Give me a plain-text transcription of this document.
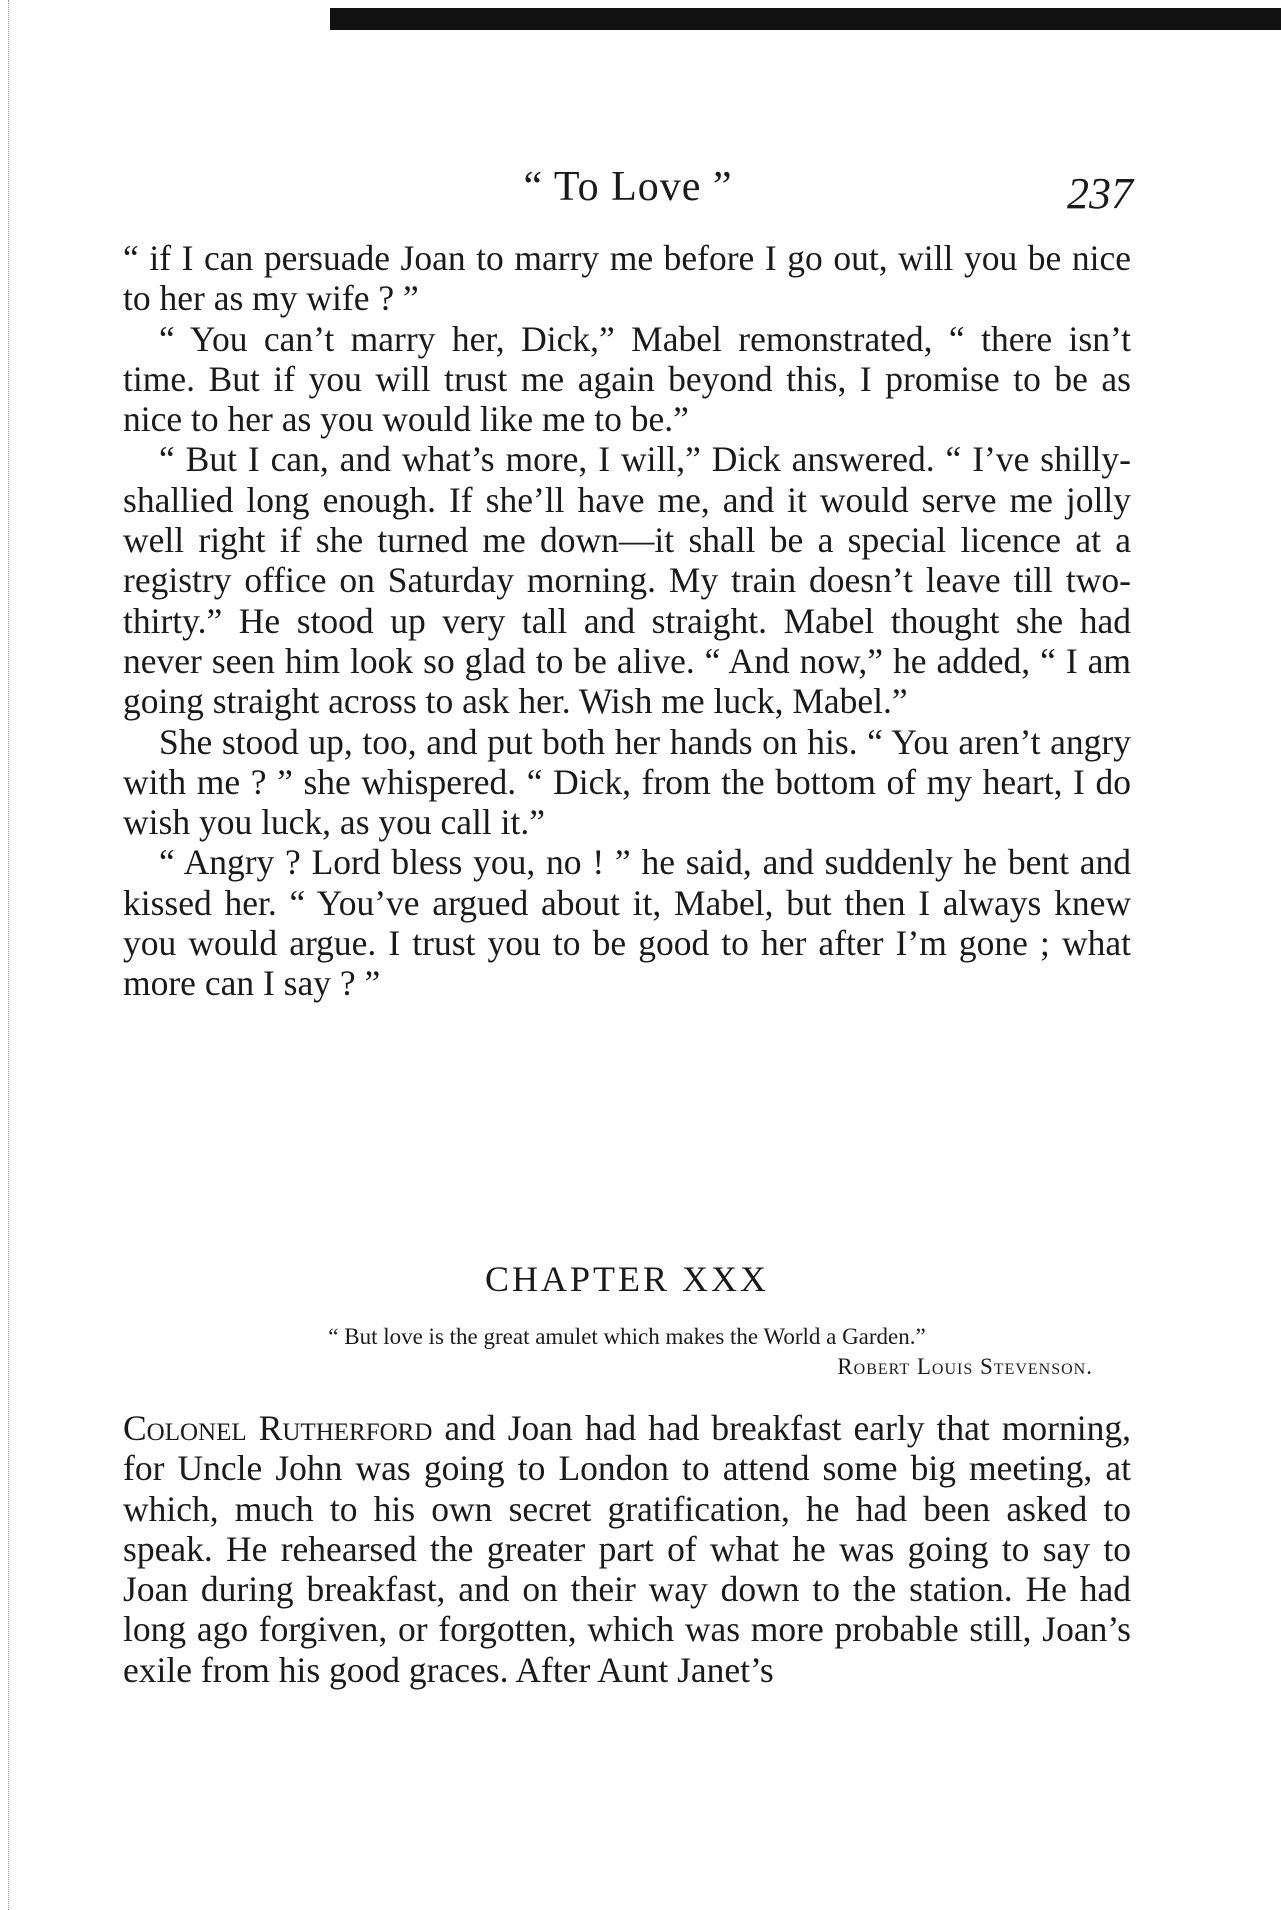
“ To Love ”	237

“ if I can persuade Joan to marry me before I go out, will you be nice to her as my wife ? ”

“ You can’t marry her, Dick,” Mabel remonstrated, “ there isn’t time. But if you will trust me again beyond this, I promise to be as nice to her as you would like me to be.”

“ But I can, and what’s more, I will,” Dick answered. “ I’ve shilly-shallied long enough. If she’ll have me, and it would serve me jolly well right if she turned me down—it shall be a special licence at a registry office on Saturday morning. My train doesn’t leave till two-thirty.” He stood up very tall and straight. Mabel thought she had never seen him look so glad to be alive. “ And now,” he added, “ I am going straight across to ask her. Wish me luck, Mabel.”

She stood up, too, and put both her hands on his. “ You aren’t angry with me ? ” she whispered. “ Dick, from the bottom of my heart, I do wish you luck, as you call it.”

“ Angry ? Lord bless you, no ! ” he said, and suddenly he bent and kissed her. “ You’ve argued about it, Mabel, but then I always knew you would argue. I trust you to be good to her after I’m gone ; what more can I say ? ”

CHAPTER XXX
“ But love is the great amulet which makes the World a Garden.”
Robert Louis Stevenson.

Colonel Rutherford and Joan had had breakfast early that morning, for Uncle John was going to London to attend some big meeting, at which, much to his own secret gratification, he had been asked to speak. He rehearsed the greater part of what he was going to say to Joan during breakfast, and on their way down to the station. He had long ago forgiven, or forgotten, which was more probable still, Joan’s exile from his good graces. After Aunt Janet’s
